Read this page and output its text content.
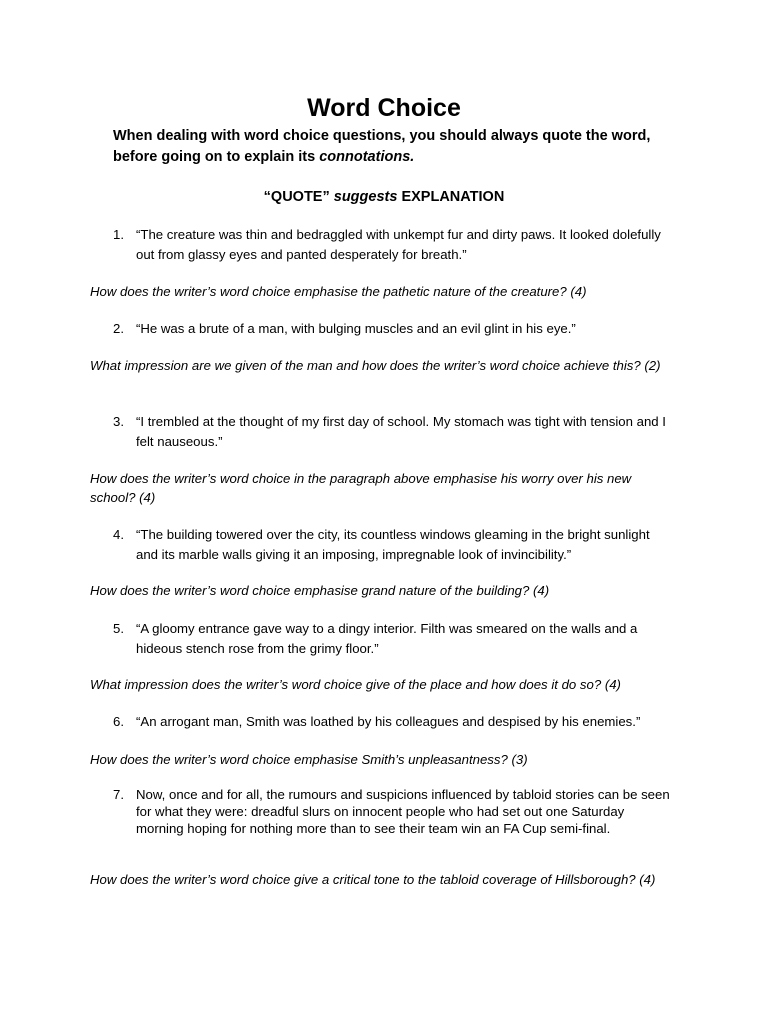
Word Choice
When dealing with word choice questions, you should always quote the word, before going on to explain its connotations.
“QUOTE” suggests EXPLANATION
1. “The creature was thin and bedraggled with unkempt fur and dirty paws. It looked dolefully out from glassy eyes and panted desperately for breath.”
How does the writer’s word choice emphasise the pathetic nature of the creature? (4)
2. “He was a brute of a man, with bulging muscles and an evil glint in his eye.”
What impression are we given of the man and how does the writer’s word choice achieve this? (2)
3. “I trembled at the thought of my first day of school. My stomach was tight with tension and I felt nauseous.”
How does the writer’s word choice in the paragraph above emphasise his worry over his new school? (4)
4. “The building towered over the city, its countless windows gleaming in the bright sunlight and its marble walls giving it an imposing, impregnable look of invincibility.”
How does the writer’s word choice emphasise grand nature of the building? (4)
5. “A gloomy entrance gave way to a dingy interior. Filth was smeared on the walls and a hideous stench rose from the grimy floor.”
What impression does the writer’s word choice give of the place and how does it do so? (4)
6. “An arrogant man, Smith was loathed by his colleagues and despised by his enemies.”
How does the writer’s word choice emphasise Smith’s unpleasantness? (3)
7. Now, once and for all, the rumours and suspicions influenced by tabloid stories can be seen for what they were: dreadful slurs on innocent people who had set out one Saturday morning hoping for nothing more than to see their team win an FA Cup semi-final.
How does the writer’s word choice give a critical tone to the tabloid coverage of Hillsborough? (4)
